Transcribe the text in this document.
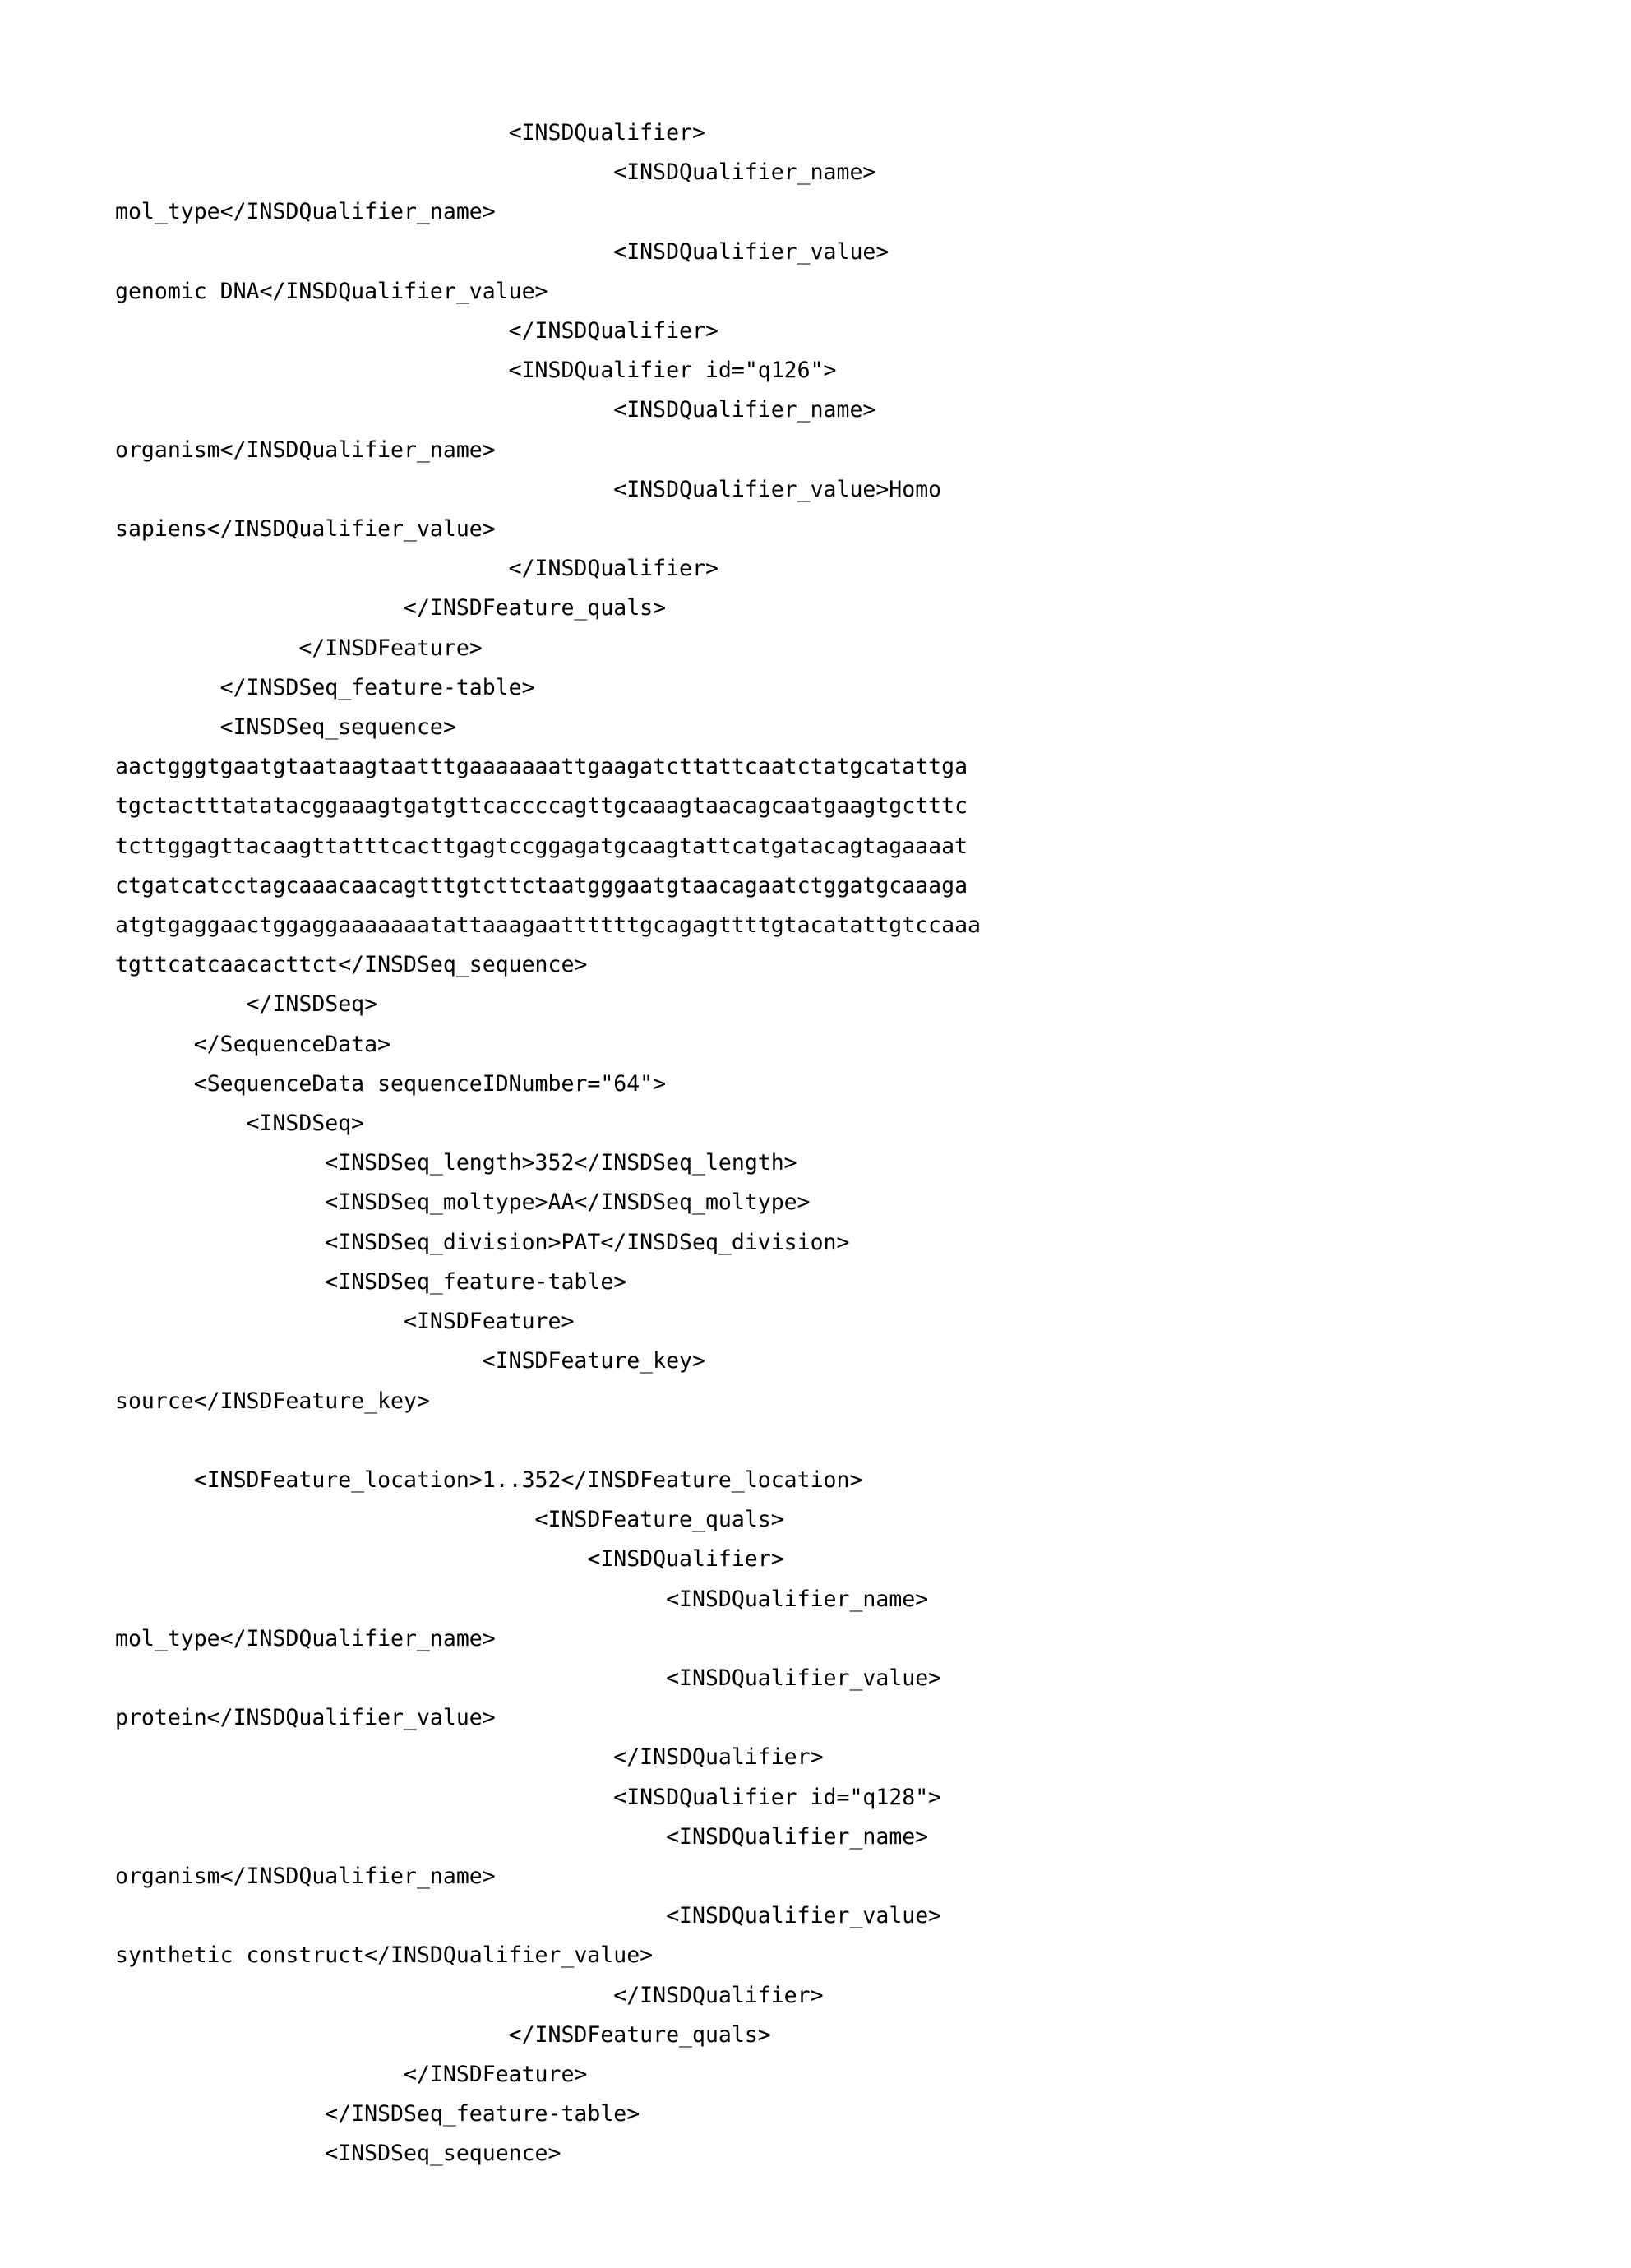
<INSDQualifier>
<INSDQualifier_name>
mol_type</INSDQualifier_name>
<INSDQualifier_value>
genomic DNA</INSDQualifier_value>
</INSDQualifier>
<INSDQualifier id="q126">
<INSDQualifier_name>
organism</INSDQualifier_name>
<INSDQualifier_value>Homo
sapiens</INSDQualifier_value>
</INSDQualifier>
</INSDFeature_quals>
</INSDFeature>
</INSDSeq_feature-table>
<INSDSeq_sequence>
aactgggtgaatgtaataagtaatttgaaaaaaattgaagatcttattcaatctatgcatattga
tgctactttatatacggaaagtgatgttcaccccagttgcaaagtaacagcaatgaagtgctttc
tcttggagttacaagttatttcacttgagtccggagatgcaagtattcatgatacagtagaaaat
ctgatcatcctagcaaacaacagtttgtcttctaatgggaatgtaacagaatctggatgcaaaga
atgtgaggaactggaggaaaaaaatattaaagaattttttgcagagttttgtacatattgtccaaa
tgttcatcaacacttct</INSDSeq_sequence>
</INSDSeq>
</SequenceData>
<SequenceData sequenceIDNumber="64">
<INSDSeq>
<INSDSeq_length>352</INSDSeq_length>
<INSDSeq_moltype>AA</INSDSeq_moltype>
<INSDSeq_division>PAT</INSDSeq_division>
<INSDSeq_feature-table>
<INSDFeature>
<INSDFeature_key>
source</INSDFeature_key>

<INSDFeature_location>1..352</INSDFeature_location>
<INSDFeature_quals>
<INSDQualifier>
<INSDQualifier_name>
mol_type</INSDQualifier_name>
<INSDQualifier_value>
protein</INSDQualifier_value>
</INSDQualifier>
<INSDQualifier id="q128">
<INSDQualifier_name>
organism</INSDQualifier_name>
<INSDQualifier_value>
synthetic construct</INSDQualifier_value>
</INSDQualifier>
</INSDFeature_quals>
</INSDFeature>
</INSDSeq_feature-table>
<INSDSeq_sequence>
